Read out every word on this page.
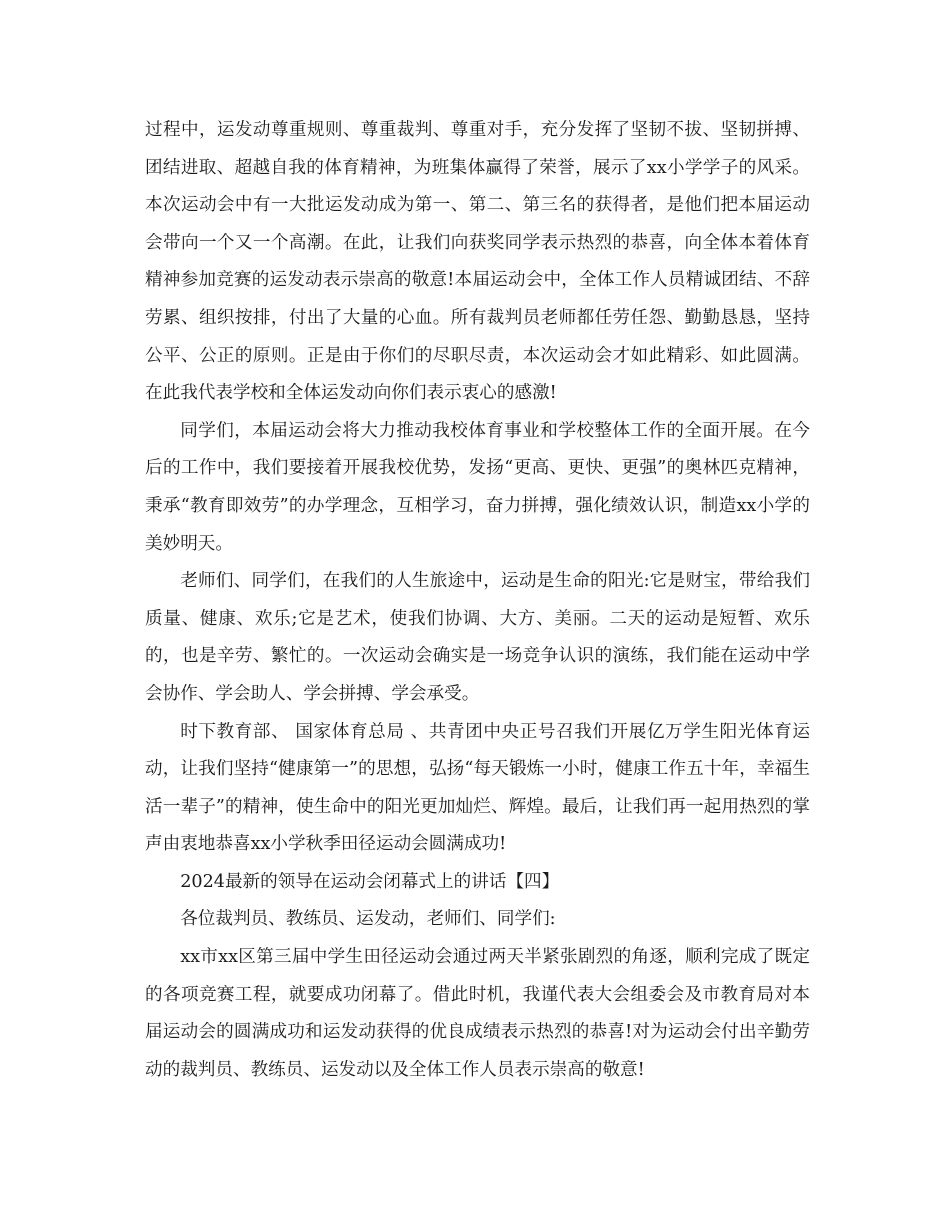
过程中，运发动尊重规则、尊重裁判、尊重对手，充分发挥了坚韧不拔、坚韧拼搏、团结进取、超越自我的体育精神，为班集体赢得了荣誉，展示了xx小学学子的风采。本次运动会中有一大批运发动成为第一、第二、第三名的获得者，是他们把本届运动会带向一个又一个高潮。在此，让我们向获奖同学表示热烈的恭喜，向全体本着体育精神参加竞赛的运发动表示崇高的敬意!本届运动会中，全体工作人员精诚团结、不辞劳累、组织按排，付出了大量的心血。所有裁判员老师都任劳任怨、勤勤恳恳，坚持公平、公正的原则。正是由于你们的尽职尽责，本次运动会才如此精彩、如此圆满。在此我代表学校和全体运发动向你们表示衷心的感激!

同学们，本届运动会将大力推动我校体育事业和学校整体工作的全面开展。在今后的工作中，我们要接着开展我校优势，发扬“更高、更快、更强”的奥林匹克精神，秉承“教育即效劳”的办学理念，互相学习，奋力拼搏，强化绩效认识，制造xx小学的美妙明天。

老师们、同学们，在我们的人生旅途中，运动是生命的阳光:它是财宝，带给我们质量、健康、欢乐;它是艺术，使我们协调、大方、美丽。二天的运动是短暂、欢乐的，也是辛劳、繁忙的。一次运动会确实是一场竞争认识的演练，我们能在运动中学会协作、学会助人、学会拼搏、学会承受。

时下教育部、 国家体育总局 、共青团中央正号召我们开展亿万学生阳光体育运动，让我们坚持“健康第一”的思想，弘扬“每天锻炼一小时，健康工作五十年，幸福生活一辈子”的精神，使生命中的阳光更加灿烂、辉煌。最后，让我们再一起用热烈的掌声由衷地恭喜xx小学秋季田径运动会圆满成功!

2024最新的领导在运动会闭幕式上的讲话【四】

各位裁判员、教练员、运发动，老师们、同学们:

xx市xx区第三届中学生田径运动会通过两天半紧张剧烈的角逐，顺利完成了既定的各项竞赛工程，就要成功闭幕了。借此时机，我谨代表大会组委会及市教育局对本届运动会的圆满成功和运发动获得的优良成绩表示热烈的恭喜!对为运动会付出辛勤劳动的裁判员、教练员、运发动以及全体工作人员表示崇高的敬意!
